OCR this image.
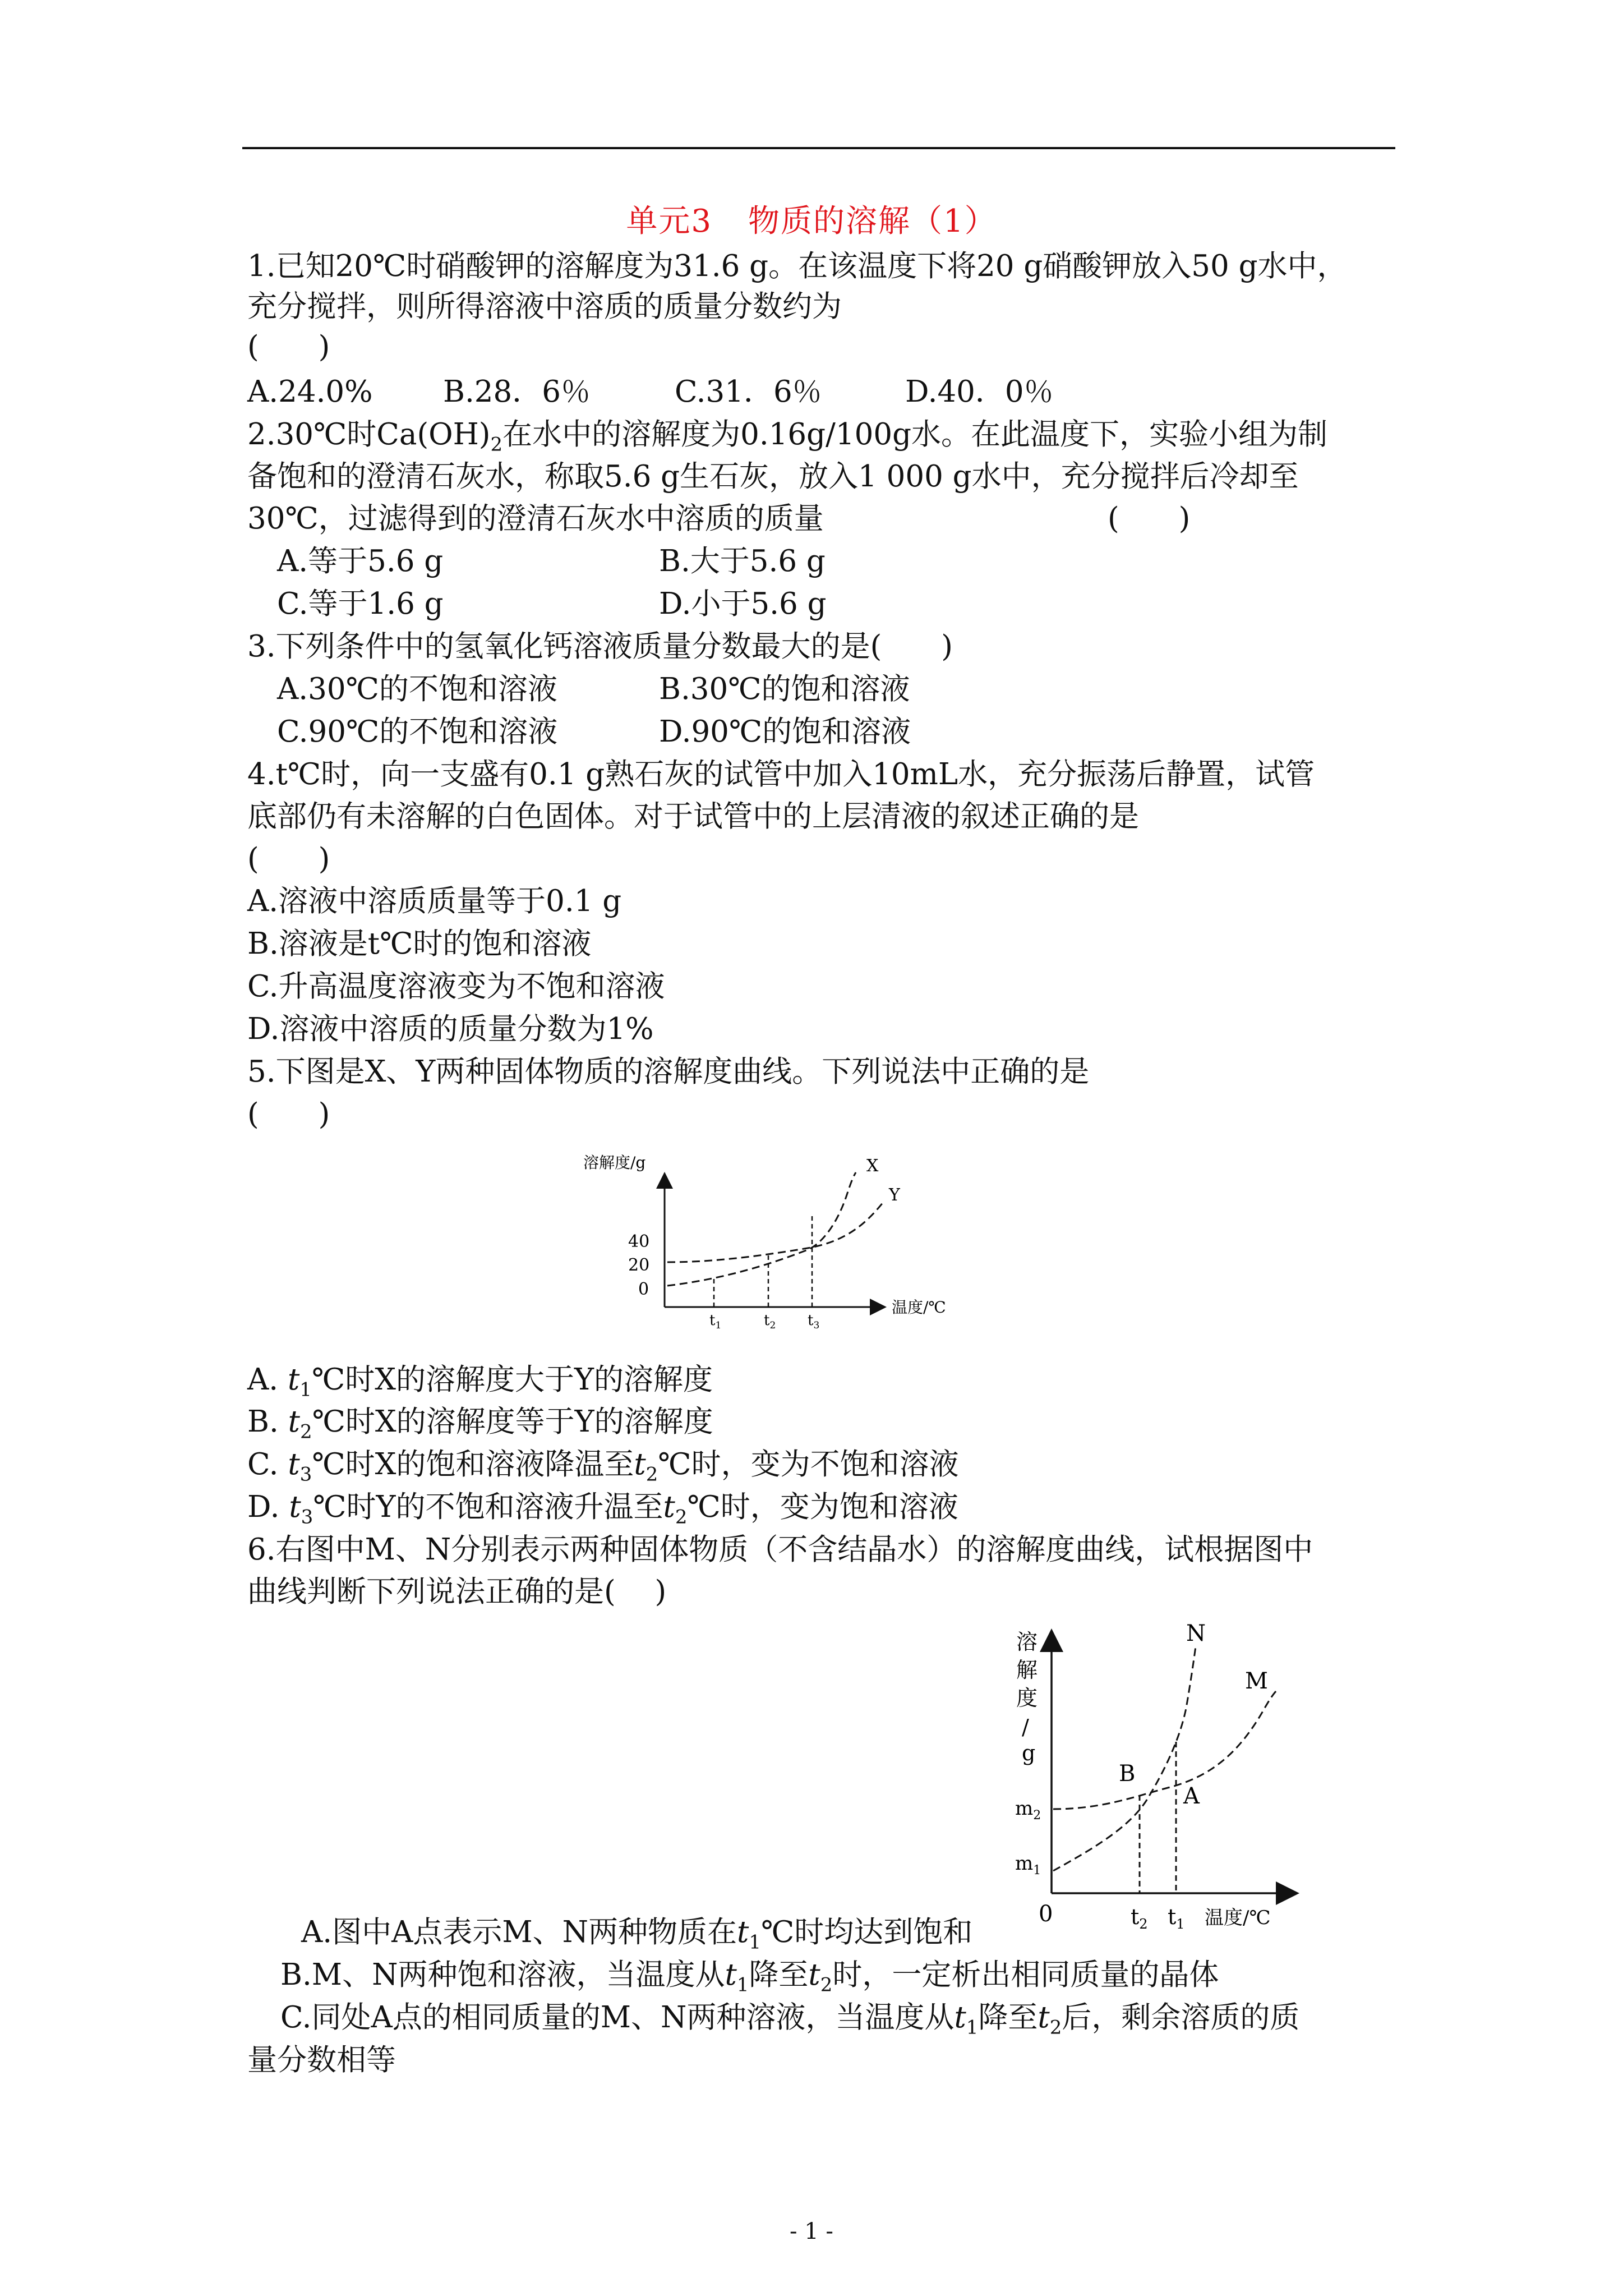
单元3 物质的溶解（1）
1.已知20℃时硝酸钾的溶解度为31.6 g。在该温度下将20 g硝酸钾放入50 g水中，
充分搅拌，则所得溶液中溶质的质量分数约为
(　　)
A.24.0% B.28．6％	C.31．6％	D.40．0％
2.30℃时$Ca(OH)_2$在水中的溶解度为0.16g/100g水。在此温度下，实验小组为制
备饱和的澄清石灰水，称取5.6 g生石灰，放入1 000 g水中，充分搅拌后冷却至
30℃，过滤得到的澄清石灰水中溶质的质量	(　　)
A.等于5.6 g	B.大于5.6 g
C.等于1.6 g	D.小于5.6 g
3.下列条件中的氢氧化钙溶液质量分数最大的是(　　)
A.30℃的不饱和溶液	B.30℃的饱和溶液
C.90℃的不饱和溶液	D.90℃的饱和溶液
4.t℃时，向一支盛有0.1 g熟石灰的试管中加入10mL水，充分振荡后静置，试管
底部仍有未溶解的白色固体。对于试管中的上层清液的叙述正确的是
(　　)
A.溶液中溶质质量等于0.1 g
B.溶液是t℃时的饱和溶液
C.升高温度溶液变为不饱和溶液
D.溶液中溶质的质量分数为1%
5.下图是X、Y两种固体物质的溶解度曲线。下列说法中正确的是
(　　)
溶解度/g
温度/℃
40
20
0
X
Y
$t_1$	$t_2$ $t_3$
A. $t_1℃$时X的溶解度大于Y的溶解度
B. $t_2℃$时X的溶解度等于Y的溶解度
C. $t_3℃$时X的饱和溶液降温至$t_2℃$时，变为不饱和溶液
D. $t_3℃$时Y的不饱和溶液升温至$t_2℃$时，变为饱和溶液
6.右图中M、N分别表示两种固体物质（不含结晶水）的溶解度曲线，试根据图中
曲线判断下列说法正确的是(　 )
溶
解
度
/
g
0
$m_2$
$m_1$
N
M
B
A
$t_2$ $t_1$ 温度/℃
A.图中A点表示M、N两种物质在$t_1℃$时均达到饱和
B.M、N两种饱和溶液，当温度从$t_1$降至$t_2$时，一定析出相同质量的晶体
C.同处A点的相同质量的M、N两种溶液，当温度从$t_1$降至$t_2$后，剩余溶质的质
量分数相等
- 1 -
